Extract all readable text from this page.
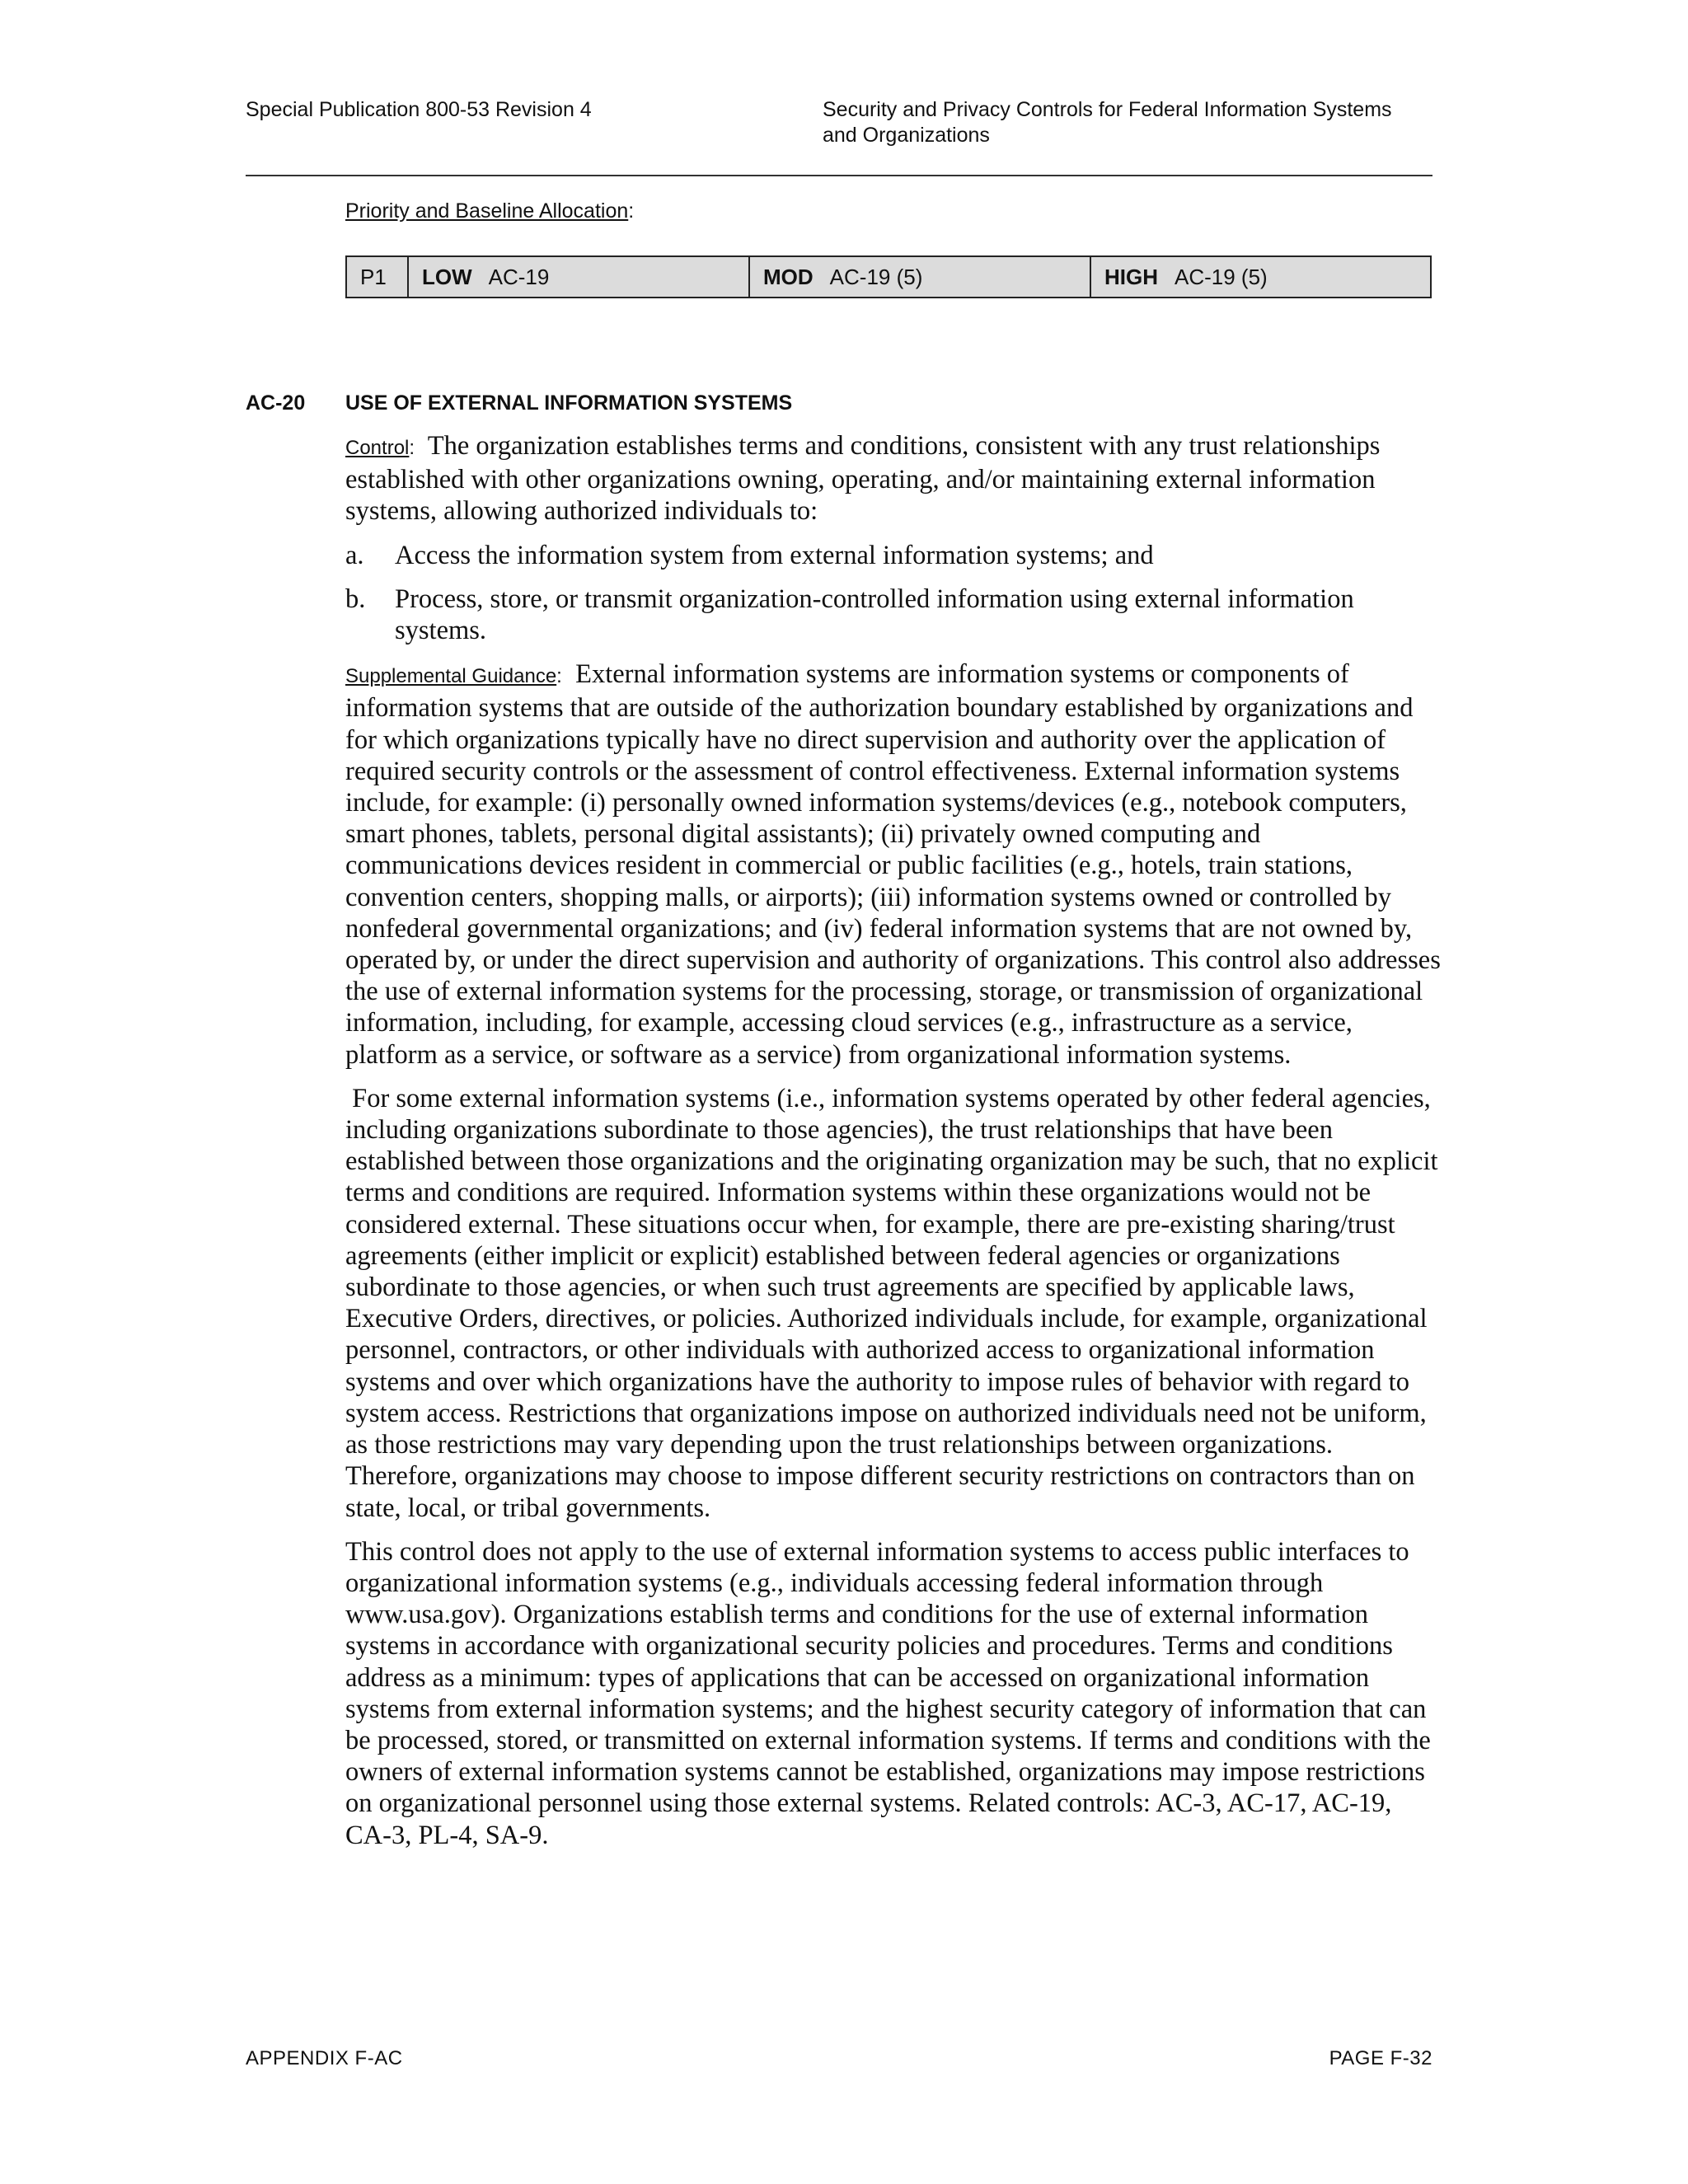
Special Publication 800-53 Revision 4	Security and Privacy Controls for Federal Information Systems
and Organizations
Priority and Baseline Allocation:
P1 LOW AC-19	MOD AC-19 (5)	HIGH AC-19 (5)
AC-20 USE OF EXTERNAL INFORMATION SYSTEMS

Control: The organization establishes terms and conditions, consistent with any trust relationships established with other organizations owning, operating, and/or maintaining external information systems, allowing authorized individuals to:

a.	Access the information system from external information systems; and
b.	Process, store, or transmit organization-controlled information using external information systems.

Supplemental Guidance: External information systems are information systems or components of information systems that are outside of the authorization boundary established by organizations and for which organizations typically have no direct supervision and authority over the application of required security controls or the assessment of control effectiveness. External information systems include, for example: (i) personally owned information systems/devices (e.g., notebook computers, smart phones, tablets, personal digital assistants); (ii) privately owned computing and communications devices resident in commercial or public facilities (e.g., hotels, train stations, convention centers, shopping malls, or airports); (iii) information systems owned or controlled by nonfederal governmental organizations; and (iv) federal information systems that are not owned by, operated by, or under the direct supervision and authority of organizations. This control also addresses the use of external information systems for the processing, storage, or transmission of organizational information, including, for example, accessing cloud services (e.g., infrastructure as a service, platform as a service, or software as a service) from organizational information systems.

For some external information systems (i.e., information systems operated by other federal agencies, including organizations subordinate to those agencies), the trust relationships that have been established between those organizations and the originating organization may be such, that no explicit terms and conditions are required. Information systems within these organizations would not be considered external. These situations occur when, for example, there are pre-existing sharing/trust agreements (either implicit or explicit) established between federal agencies or organizations subordinate to those agencies, or when such trust agreements are specified by applicable laws, Executive Orders, directives, or policies. Authorized individuals include, for example, organizational personnel, contractors, or other individuals with authorized access to organizational information systems and over which organizations have the authority to impose rules of behavior with regard to system access. Restrictions that organizations impose on authorized individuals need not be uniform, as those restrictions may vary depending upon the trust relationships between organizations. Therefore, organizations may choose to impose different security restrictions on contractors than on state, local, or tribal governments.

This control does not apply to the use of external information systems to access public interfaces to organizational information systems (e.g., individuals accessing federal information through www.usa.gov). Organizations establish terms and conditions for the use of external information systems in accordance with organizational security policies and procedures. Terms and conditions address as a minimum: types of applications that can be accessed on organizational information systems from external information systems; and the highest security category of information that can be processed, stored, or transmitted on external information systems. If terms and conditions with the owners of external information systems cannot be established, organizations may impose restrictions on organizational personnel using those external systems. Related controls: AC-3, AC-17, AC-19, CA-3, PL-4, SA-9.

APPENDIX F-AC	PAGE F-32
